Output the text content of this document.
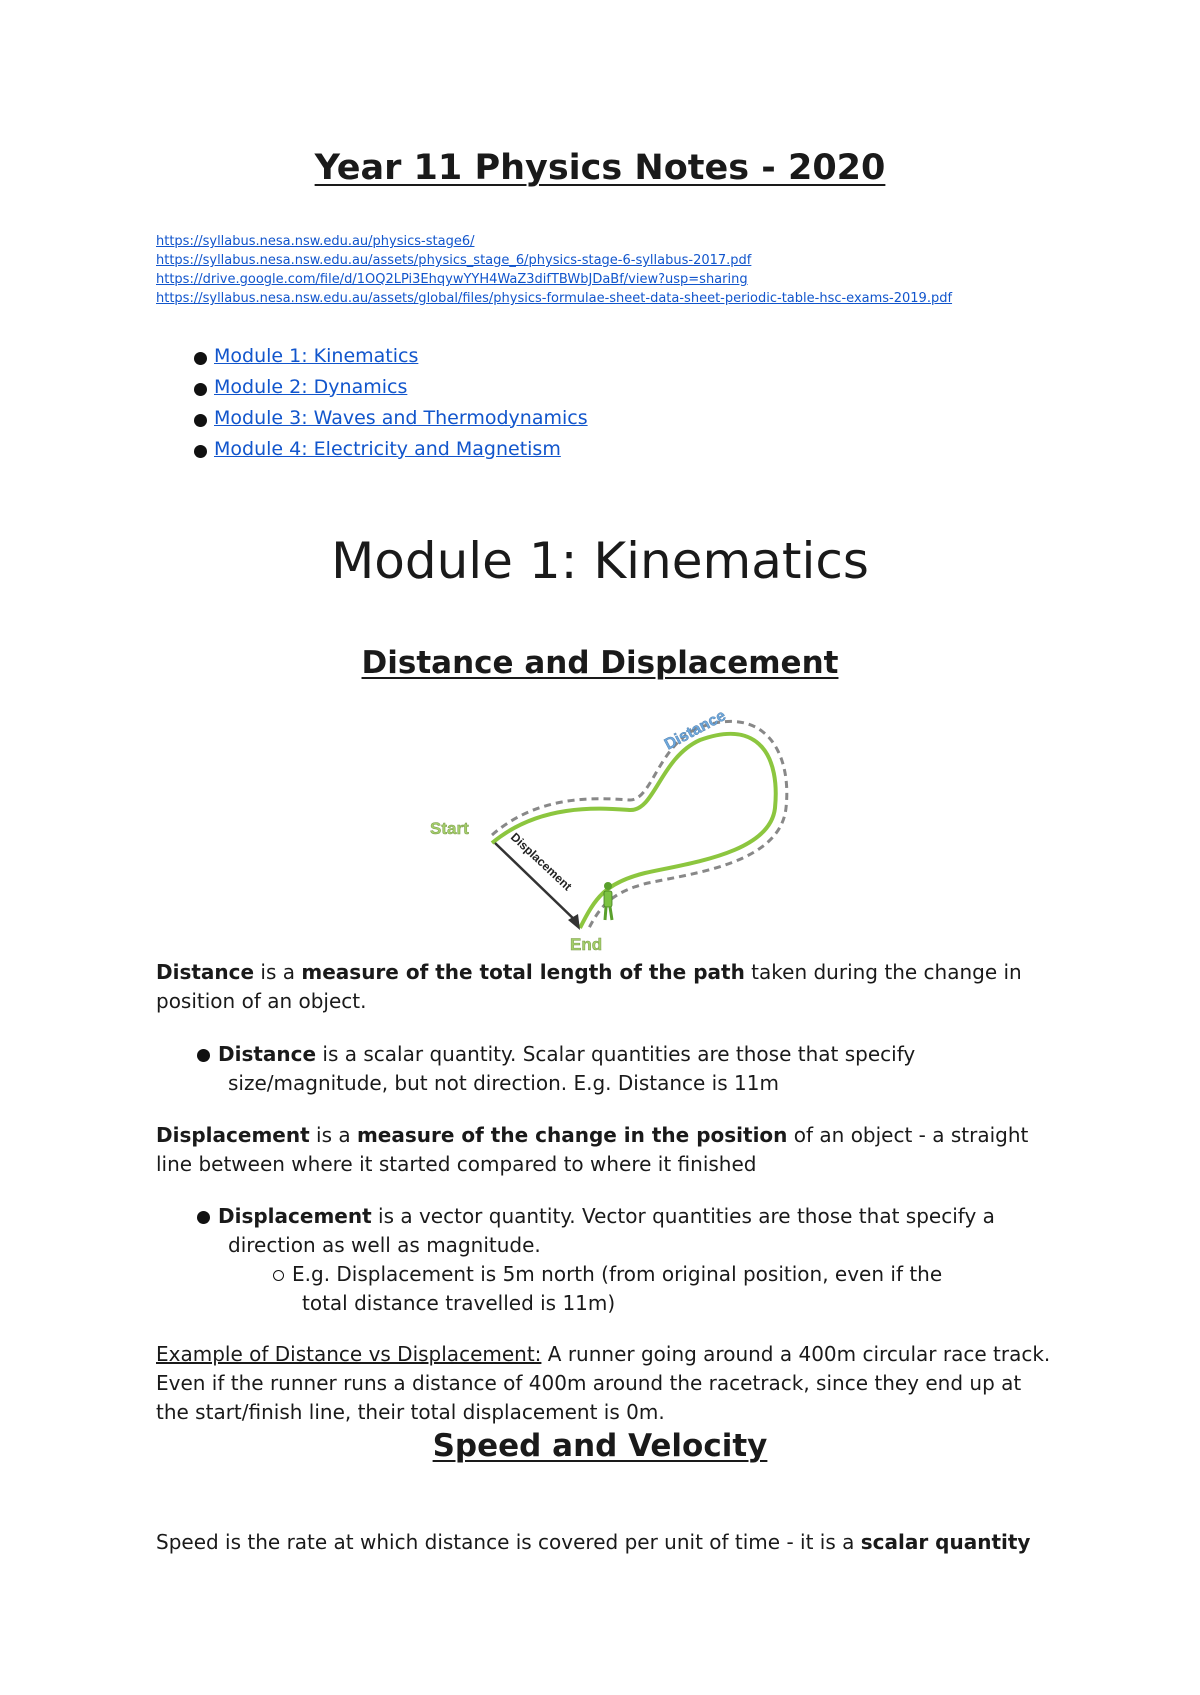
Year 11 Physics Notes - 2020
https://syllabus.nesa.nsw.edu.au/physics-stage6/
https://syllabus.nesa.nsw.edu.au/assets/physics_stage_6/physics-stage-6-syllabus-2017.pdf
https://drive.google.com/file/d/1OQ2LPi3EhqywYYH4WaZ3difTBWbJDaBf/view?usp=sharing
https://syllabus.nesa.nsw.edu.au/assets/global/files/physics-formulae-sheet-data-sheet-periodic-table-hsc-exams-2019.pdf
Module 1: Kinematics
Module 2: Dynamics
Module 3: Waves and Thermodynamics
Module 4: Electricity and Magnetism
Module 1: Kinematics
Distance and Displacement
Start
End
Distance
Displacement

Distance is a measure of the total length of the path taken during the change in position of an object.

Distance is a scalar quantity. Scalar quantities are those that specify
size/magnitude, but not direction. E.g. Distance is 11m

Displacement is a measure of the change in the position of an object - a straight line between where it started compared to where it finished

Displacement is a vector quantity. Vector quantities are those that specify a
direction as well as magnitude.

E.g. Displacement is 5m north (from original position, even if the
total distance travelled is 11m)

Example of Distance vs Displacement: A runner going around a 400m circular race track. Even if the runner runs a distance of 400m around the racetrack, since they end up at the start/finish line, their total displacement is 0m.

Speed and Velocity

Speed is the rate at which distance is covered per unit of time - it is a scalar quantity
